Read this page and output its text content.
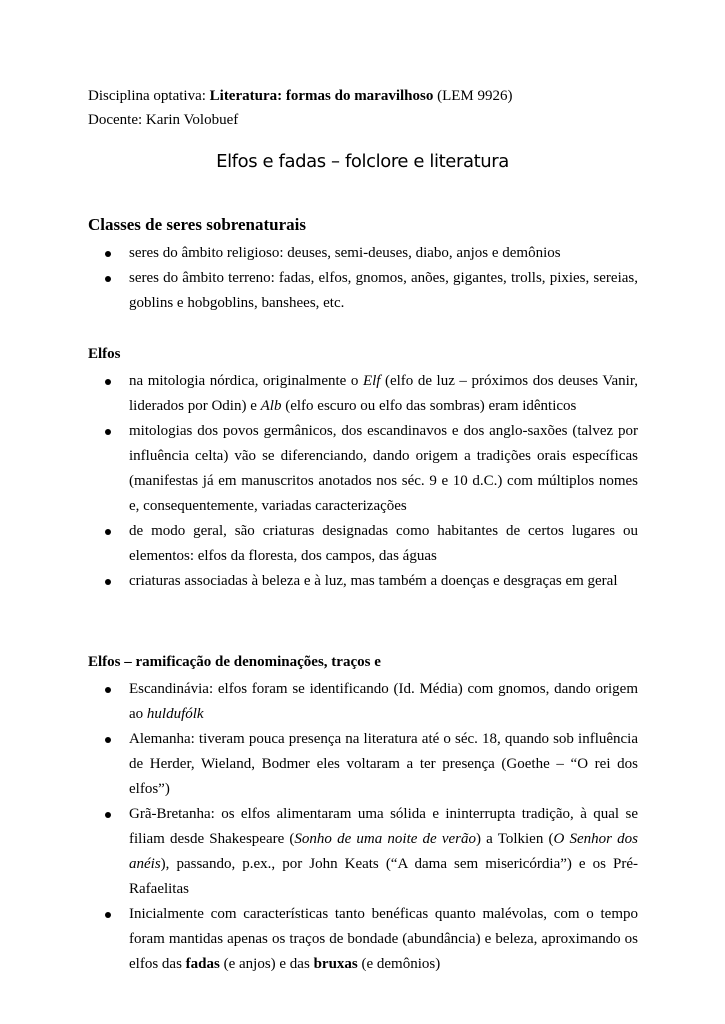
Disciplina optativa: Literatura: formas do maravilhoso (LEM 9926)
Docente: Karin Volobuef
Elfos e fadas – folclore e literatura
Classes de seres sobrenaturais
seres do âmbito religioso: deuses, semi-deuses, diabo, anjos e demônios
seres do âmbito terreno: fadas, elfos, gnomos, anões, gigantes, trolls, pixies, sereias, goblins e hobgoblins, banshees, etc.
Elfos
na mitologia nórdica, originalmente o Elf (elfo de luz – próximos dos deuses Vanir, liderados por Odin) e Alb (elfo escuro ou elfo das sombras) eram idênticos
mitologias dos povos germânicos, dos escandinavos e dos anglo-saxões (talvez por influência celta) vão se diferenciando, dando origem a tradições orais específicas (manifestas já em manuscritos anotados nos séc. 9 e 10 d.C.) com múltiplos nomes e, consequentemente, variadas caracterizações
de modo geral, são criaturas designadas como habitantes de certos lugares ou elementos: elfos da floresta, dos campos, das águas
criaturas associadas à beleza e à luz, mas também a doenças e desgraças em geral
Elfos – ramificação de denominações, traços e
Escandinávia: elfos foram se identificando (Id. Média) com gnomos, dando origem ao huldufólk
Alemanha: tiveram pouca presença na literatura até o séc. 18, quando sob influência de Herder, Wieland, Bodmer eles voltaram a ter presença (Goethe – “O rei dos elfos”)
Grã-Bretanha: os elfos alimentaram uma sólida e ininterrupta tradição, à qual se filiam desde Shakespeare (Sonho de uma noite de verão) a Tolkien (O Senhor dos anéis), passando, p.ex., por John Keats (“A dama sem misericórdia”) e os Pré-Rafaelitas
Inicialmente com características tanto benéficas quanto malévolas, com o tempo foram mantidas apenas os traços de bondade (abundância) e beleza, aproximando os elfos das fadas (e anjos) e das bruxas (e demônios)
